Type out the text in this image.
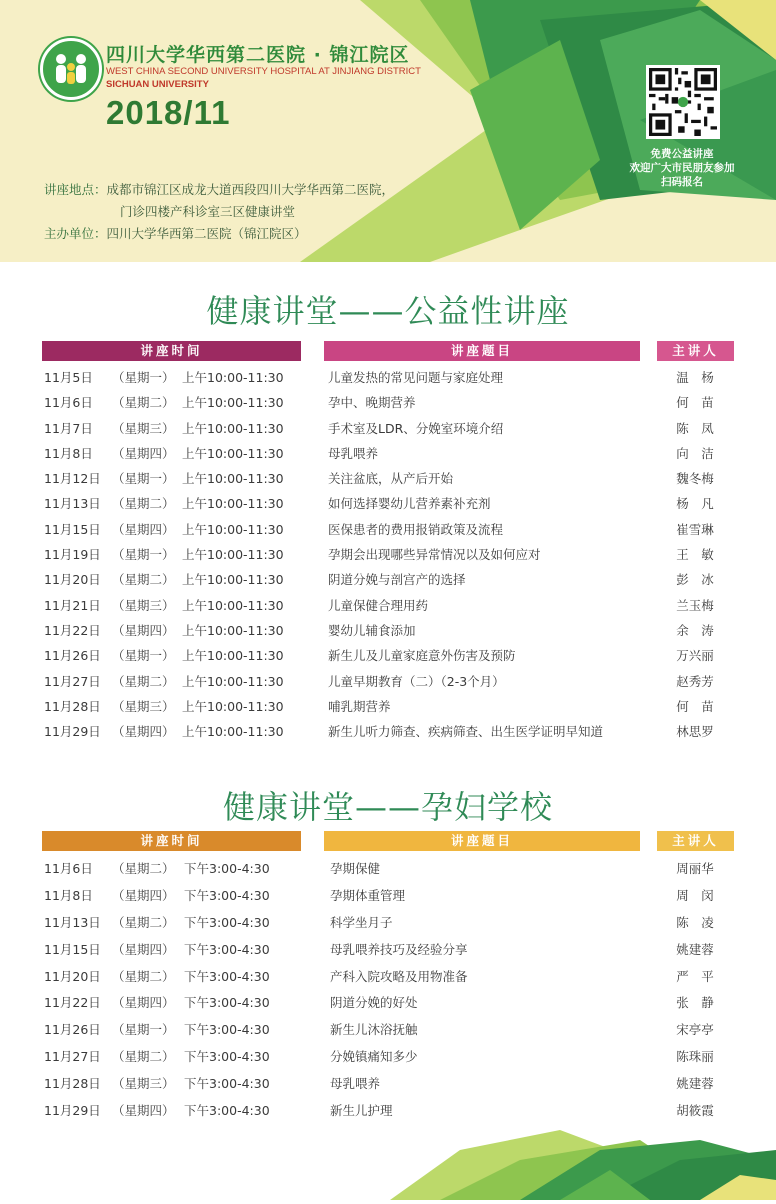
四川大学华西第二医院 · 锦江院区
WEST CHINA SECOND UNIVERSITY HOSPITAL AT JINJIANG DISTRICT
SICHUAN UNIVERSITY
2018/11
免费公益讲座
欢迎广大市民朋友参加
扫码报名
讲座地点：成都市锦江区成龙大道西段四川大学华西第二医院，
门诊四楼产科诊室三区健康讲堂
主办单位：四川大学华西第二医院（锦江院区）
健康讲堂——公益性讲座
讲座时间	讲座题目	主讲人
11月5日 （星期一） 上午10:00-11:30	儿童发热的常见问题与家庭处理	温　杨
11月6日 （星期二） 上午10:00-11:30	孕中、晚期营养	何　苗
11月7日 （星期三） 上午10:00-11:30	手术室及LDR、分娩室环境介绍	陈　凤
11月8日 （星期四） 上午10:00-11:30	母乳喂养	向　洁
11月12日 （星期一） 上午10:00-11:30	关注盆底，从产后开始	魏冬梅
11月13日 （星期二） 上午10:00-11:30	如何选择婴幼儿营养素补充剂	杨　凡
11月15日 （星期四） 上午10:00-11:30	医保患者的费用报销政策及流程	崔雪琳
11月19日 （星期一） 上午10:00-11:30	孕期会出现哪些异常情况以及如何应对	王　敏
11月20日 （星期二） 上午10:00-11:30	阴道分娩与剖宫产的选择	彭　冰
11月21日 （星期三） 上午10:00-11:30	儿童保健合理用药	兰玉梅
11月22日 （星期四） 上午10:00-11:30	婴幼儿辅食添加	余　涛
11月26日 （星期一） 上午10:00-11:30	新生儿及儿童家庭意外伤害及预防	万兴丽
11月27日 （星期二） 上午10:00-11:30	儿童早期教育（二）（2-3个月）	赵秀芳
11月28日 （星期三） 上午10:00-11:30	哺乳期营养	何　苗
11月29日 （星期四） 上午10:00-11:30	新生儿听力筛查、疾病筛查、出生医学证明早知道	林思罗
健康讲堂——孕妇学校
讲座时间	讲座题目	主讲人
11月6日 （星期二） 下午3:00-4:30	孕期保健	周丽华
11月8日 （星期四） 下午3:00-4:30	孕期体重管理	周　闵
11月13日 （星期二） 下午3:00-4:30	科学坐月子	陈　凌
11月15日 （星期四） 下午3:00-4:30	母乳喂养技巧及经验分享	姚建蓉
11月20日 （星期二） 下午3:00-4:30	产科入院攻略及用物准备	严　平
11月22日 （星期四） 下午3:00-4:30	阴道分娩的好处	张　静
11月26日 （星期一） 下午3:00-4:30	新生儿沐浴抚触	宋亭亭
11月27日 （星期二） 下午3:00-4:30	分娩镇痛知多少	陈珠丽
11月28日 （星期三） 下午3:00-4:30	母乳喂养	姚建蓉
11月29日 （星期四） 下午3:00-4:30	新生儿护理	胡筱霞
